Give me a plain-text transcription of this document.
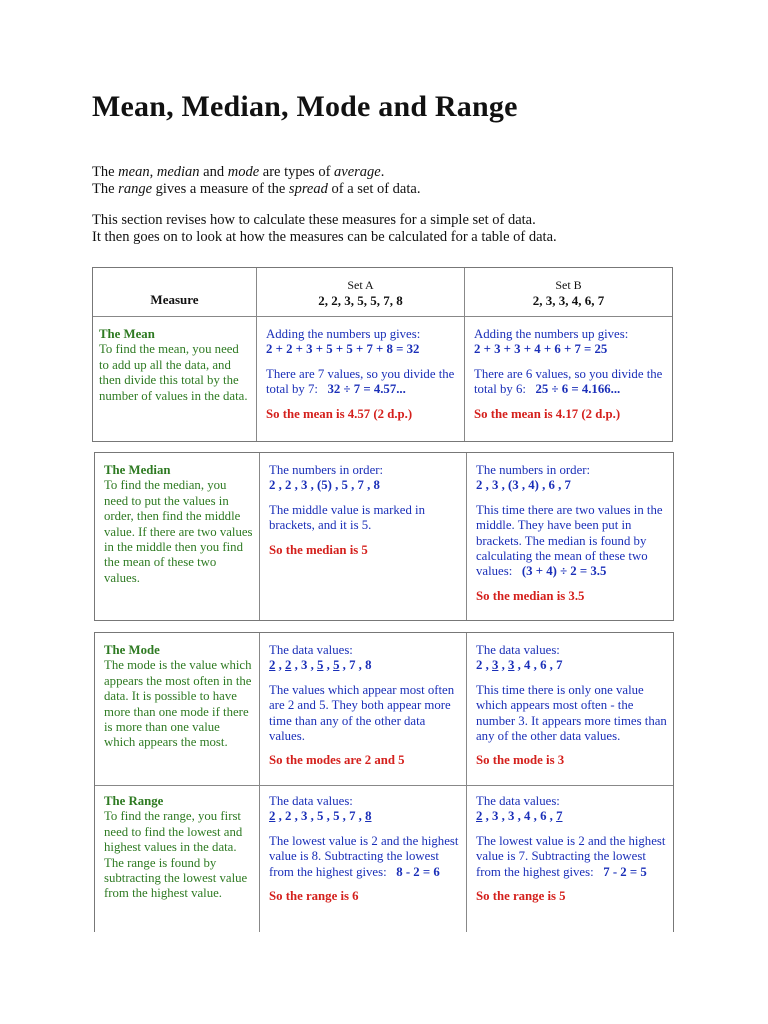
Mean, Median, Mode and Range

The mean, median and mode are types of average.

The range gives a measure of the spread of a set of data.

This section revises how to calculate these measures for a simple set of data.

It then goes on to look at how the measures can be calculated for a table of data.

Measure
Set A
2, 2, 3, 5, 5, 7, 8
Set B
2, 3, 3, 4, 6, 7
The Mean
To find the mean, you need to add up all the data, and then divide this total by the number of values in the data.
Adding the numbers up gives:
2 + 2 + 3 + 5 + 5 + 7 + 8 = 32
There are 7 values, so you divide the total by 7: 32 ÷ 7 = 4.57...
So the mean is 4.57 (2 d.p.)
Adding the numbers up gives:
2 + 3 + 3 + 4 + 6 + 7 = 25
There are 6 values, so you divide the total by 6: 25 ÷ 6 = 4.166...
So the mean is 4.17 (2 d.p.)
The Median
To find the median, you need to put the values in order, then find the middle value. If there are two values in the middle then you find the mean of these two values.
The numbers in order:
2 , 2 , 3 , (5) , 5 , 7 , 8
The middle value is marked in brackets, and it is 5.
So the median is 5
The numbers in order:
2 , 3 , (3 , 4) , 6 , 7
This time there are two values in the middle. They have been put in brackets. The median is found by calculating the mean of these two values: (3 + 4) ÷ 2 = 3.5
So the median is 3.5
The Mode
The mode is the value which appears the most often in the data. It is possible to have more than one mode if there is more than one value which appears the most.
The Range
To find the range, you first need to find the lowest and highest values in the data. The range is found by subtracting the lowest value from the highest value.
The data values:
2 , 2 , 3 , 5 , 5 , 7 , 8
The values which appear most often are 2 and 5. They both appear more time than any of the other data values.
So the modes are 2 and 5
The data values:
2 , 2 , 3 , 5 , 5 , 7 , 8
The lowest value is 2 and the highest value is 8. Subtracting the lowest from the highest gives: 8 - 2 = 6
So the range is 6
The data values:
2 , 3 , 3 , 4 , 6 , 7
This time there is only one value which appears most often - the number 3. It appears more times than any of the other data values.
So the mode is 3
The data values:
2 , 3 , 3 , 4 , 6 , 7
The lowest value is 2 and the highest value is 7. Subtracting the lowest from the highest gives: 7 - 2 = 5
So the range is 5
